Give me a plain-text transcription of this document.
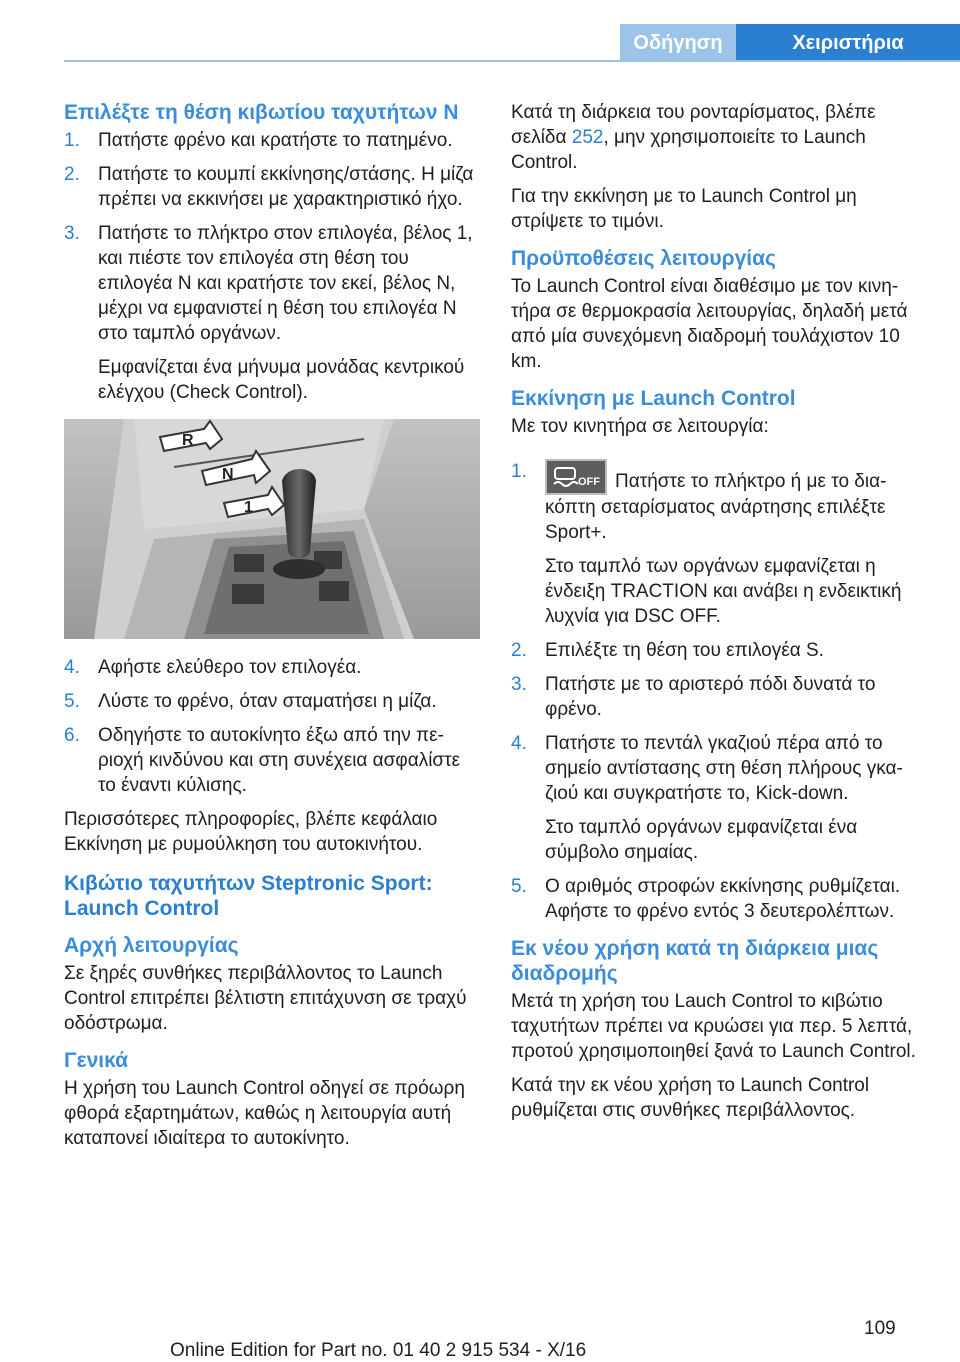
Οδήγηση	Χειριστήρια
Επιλέξτε τη θέση κιβωτίου ταχυτήτων N
1. Πατήστε φρένο και κρατήστε το πατημένο.
2. Πατήστε το κουμπί εκκίνησης/στάσης. Η μίζα πρέπει να εκκινήσει με χαρακτηριστικό ήχο.
3. Πατήστε το πλήκτρο στον επιλογέα, βέλος 1, και πιέστε τον επιλογέα στη θέση του επιλογέα N και κρατήστε τον εκεί, βέλος N, μέχρι να εμφανιστεί η θέση του επιλογέα N στο ταμπλό οργάνων.
Εμφανίζεται ένα μήνυμα μονάδας κεντρικού ελέγχου (Check Control).
R
N
1
4. Αφήστε ελεύθερο τον επιλογέα.
5. Λύστε το φρένο, όταν σταματήσει η μίζα.
6. Οδηγήστε το αυτοκίνητο έξω από την περιοχή κινδύνου και στη συνέχεια ασφαλίστε το έναντι κύλισης.

Περισσότερες πληροφορίες, βλέπε κεφάλαιο Εκκίνηση με ρυμούλκηση του αυτοκινήτου.

Κιβώτιο ταχυτήτων Steptronic Sport: Launch Control
Αρχή λειτουργίας

Σε ξηρές συνθήκες περιβάλλοντος το Launch Control επιτρέπει βέλτιστη επιτάχυνση σε τραχύ οδόστρωμα.

Γενικά

Η χρήση του Launch Control οδηγεί σε πρόωρη φθορά εξαρτημάτων, καθώς η λειτουργία αυτή καταπονεί ιδιαίτερα το αυτοκίνητο.

Κατά τη διάρκεια του ρονταρίσματος, βλέπε σελίδα 252, μην χρησιμοποιείτε το Launch Control.

Για την εκκίνηση με το Launch Control μη στρίψετε το τιμόνι.

Προϋποθέσεις λειτουργίας

Το Launch Control είναι διαθέσιμο με τον κινητήρα σε θερμοκρασία λειτουργίας, δηλαδή μετά από μία συνεχόμενη διαδρομή τουλάχιστον 10 km.

Εκκίνηση με Launch Control

Με τον κινητήρα σε λειτουργία:

1.	OFF Πατήστε το πλήκτρο ή με το διακόπτη σεταρίσματος ανάρτησης επιλέξτε Sport+.
Στο ταμπλό των οργάνων εμφανίζεται η ένδειξη TRACTION και ανάβει η ενδεικτική λυχνία για DSC OFF.
2. Επιλέξτε τη θέση του επιλογέα S.
3. Πατήστε με το αριστερό πόδι δυνατά το φρένο.
4. Πατήστε το πεντάλ γκαζιού πέρα από το σημείο αντίστασης στη θέση πλήρους γκαζιού και συγκρατήστε το, Kick-down.
Στο ταμπλό οργάνων εμφανίζεται ένα σύμβολο σημαίας.
5. Ο αριθμός στροφών εκκίνησης ρυθμίζεται. Αφήστε το φρένο εντός 3 δευτερολέπτων.
Εκ νέου χρήση κατά τη διάρκεια μιας διαδρομής

Μετά τη χρήση του Lauch Control το κιβώτιο ταχυτήτων πρέπει να κρυώσει για περ. 5 λεπτά, προτού χρησιμοποιηθεί ξανά το Launch Control.

Κατά την εκ νέου χρήση το Launch Control ρυθμίζεται στις συνθήκες περιβάλλοντος.

109
Online Edition for Part no. 01 40 2 915 534 - X/16
